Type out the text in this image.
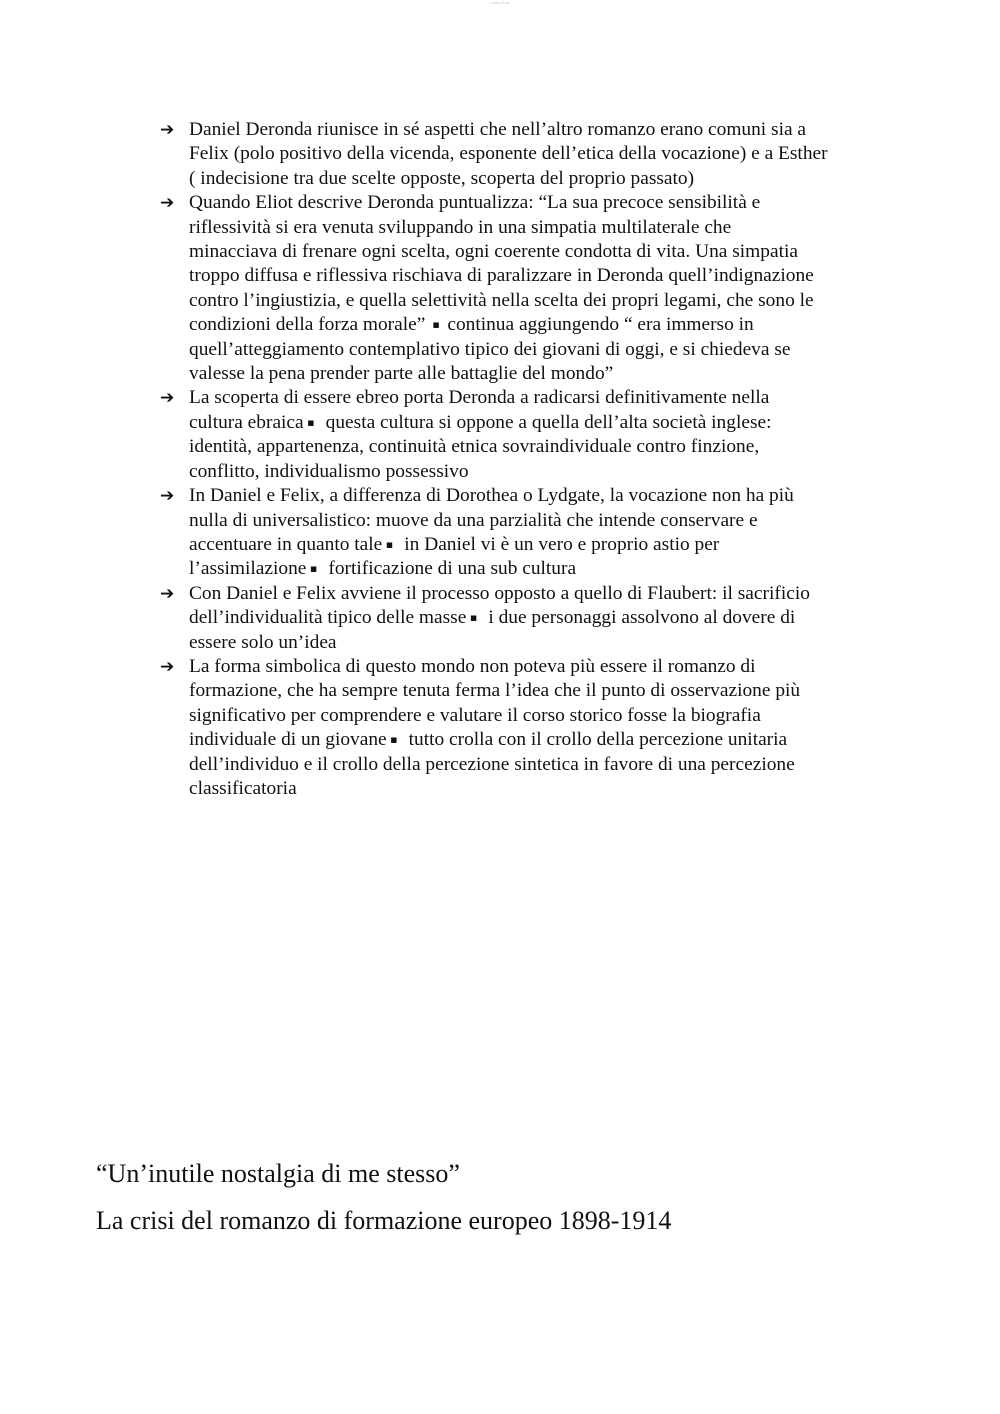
Lewis Roth
➔ Daniel Deronda riunisce in sé aspetti che nell’altro romanzo erano comuni sia a
Felix (polo positivo della vicenda, esponente dell’etica della vocazione) e a Esther
( indecisione tra due scelte opposte, scoperta del proprio passato)
➔ Quando Eliot descrive Deronda puntualizza: “La sua precoce sensibilità e
riflessività si era venuta sviluppando in una simpatia multilaterale che
minacciava di frenare ogni scelta, ogni coerente condotta di vita. Una simpatia
troppo diffusa e riflessiva rischiava di paralizzare in Deronda quell’indignazione
contro l’ingiustizia, e quella selettività nella scelta dei propri legami, che sono le
condizioni della forza morale” ▪ continua aggiungendo “ era immerso in
quell’atteggiamento contemplativo tipico dei giovani di oggi, e si chiedeva se
valesse la pena prender parte alle battaglie del mondo”
➔ La scoperta di essere ebreo porta Deronda a radicarsi definitivamente nella
cultura ebraica ▪ questa cultura si oppone a quella dell’alta società inglese:
identità, appartenenza, continuità etnica sovraindividuale contro finzione,
conflitto, individualismo possessivo
➔ In Daniel e Felix, a differenza di Dorothea o Lydgate, la vocazione non ha più
nulla di universalistico: muove da una parzialità che intende conservare e
accentuare in quanto tale ▪ in Daniel vi è un vero e proprio astio per
l’assimilazione ▪ fortificazione di una sub cultura
➔ Con Daniel e Felix avviene il processo opposto a quello di Flaubert: il sacrificio
dell’individualità tipico delle masse ▪ i due personaggi assolvono al dovere di
essere solo un’idea
➔ La forma simbolica di questo mondo non poteva più essere il romanzo di
formazione, che ha sempre tenuta ferma l’idea che il punto di osservazione più
significativo per comprendere e valutare il corso storico fosse la biografia
individuale di un giovane ▪ tutto crolla con il crollo della percezione unitaria
dell’individuo e il crollo della percezione sintetica in favore di una percezione
classificatoria
“Un’inutile nostalgia di me stesso”
La crisi del romanzo di formazione europeo 1898-1914
